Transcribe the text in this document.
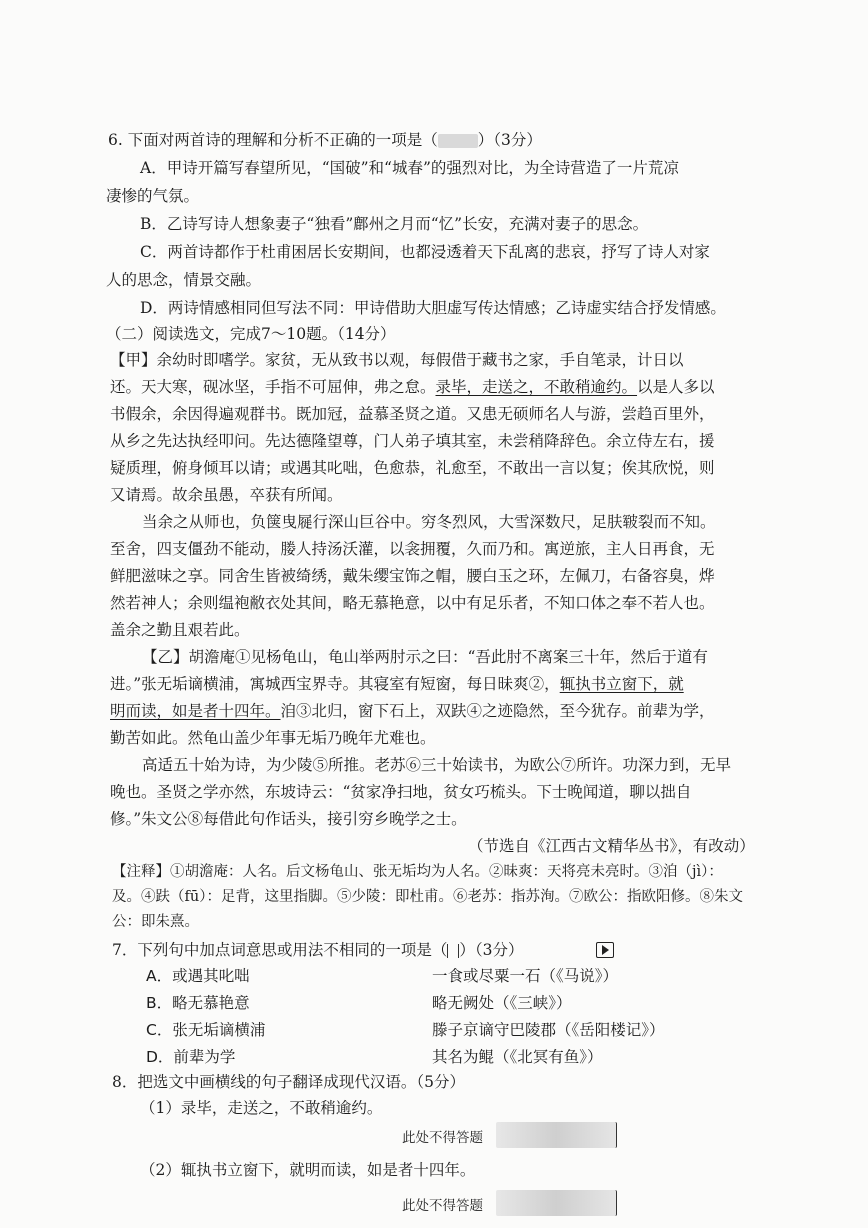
6. 下面对两首诗的理解和分析不正确的一项是（	）（3分）
A．甲诗开篇写春望所见，“国破”和“城春”的强烈对比，为全诗营造了一片荒凉
凄惨的气氛。
B．乙诗写诗人想象妻子“独看”鄜州之月而“忆”长安，充满对妻子的思念。
C．两首诗都作于杜甫困居长安期间，也都浸透着天下乱离的悲哀，抒写了诗人对家
人的思念，情景交融。
D．两诗情感相同但写法不同：甲诗借助大胆虚写传达情感；乙诗虚实结合抒发情感。
（二）阅读选文，完成7～10题。（14分）
【甲】余幼时即嗜学。家贫，无从致书以观，每假借于藏书之家，手自笔录，计日以
还。天大寒，砚冰坚，手指不可屈伸，弗之怠。录毕，走送之，不敢稍逾约。以是人多以
书假余，余因得遍观群书。既加冠，益慕圣贤之道。又患无硕师名人与游，尝趋百里外，
从乡之先达执经叩问。先达德隆望尊，门人弟子填其室，未尝稍降辞色。余立侍左右，援
疑质理，俯身倾耳以请；或遇其叱咄，色愈恭，礼愈至，不敢出一言以复；俟其欣悦，则
又请焉。故余虽愚，卒获有所闻。
当余之从师也，负箧曳屣行深山巨谷中。穷冬烈风，大雪深数尺，足肤皲裂而不知。
至舍，四支僵劲不能动，媵人持汤沃灌，以衾拥覆，久而乃和。寓逆旅，主人日再食，无
鲜肥滋味之享。同舍生皆被绮绣，戴朱缨宝饰之帽，腰白玉之环，左佩刀，右备容臭，烨
然若神人；余则缊袍敝衣处其间，略无慕艳意，以中有足乐者，不知口体之奉不若人也。
盖余之勤且艰若此。
【乙】胡澹庵①见杨龟山，龟山举两肘示之曰：“吾此肘不离案三十年，然后于道有
进。”张无垢谪横浦，寓城西宝界寺。其寝室有短窗，每日昧爽②，辄执书立窗下，就
明而读，如是者十四年。洎③北归，窗下石上，双趺④之迹隐然，至今犹存。前辈为学，
勤苦如此。然龟山盖少年事无垢乃晚年尤难也。
高适五十始为诗，为少陵⑤所推。老苏⑥三十始读书，为欧公⑦所许。功深力到，无早
晚也。圣贤之学亦然，东坡诗云：“贫家净扫地，贫女巧梳头。下士晚闻道，聊以拙自
修。”朱文公⑧每借此句作话头，接引穷乡晚学之士。
（节选自《江西古文精华丛书》，有改动）
【注释】①胡澹庵：人名。后文杨龟山、张无垢均为人名。②昧爽：天将亮未亮时。③洎（jì）：
及。④趺（fū）：足背，这里指脚。⑤少陵：即杜甫。⑥老苏：指苏洵。⑦欧公：指欧阳修。⑧朱文
公：即朱熹。
7．下列句中加点词意思或用法不相同的一项是（ ）（3分）
A．或遇其叱咄	一食或尽粟一石（《马说》）
B．略无慕艳意	略无阙处（《三峡》）
C．张无垢谪横浦	滕子京谪守巴陵郡（《岳阳楼记》）
D．前辈为学	其名为鲲（《北冥有鱼》）
8．把选文中画横线的句子翻译成现代汉语。（5分）
（1）录毕，走送之，不敢稍逾约。
此处不得答题
（2）辄执书立窗下，就明而读，如是者十四年。
此处不得答题
